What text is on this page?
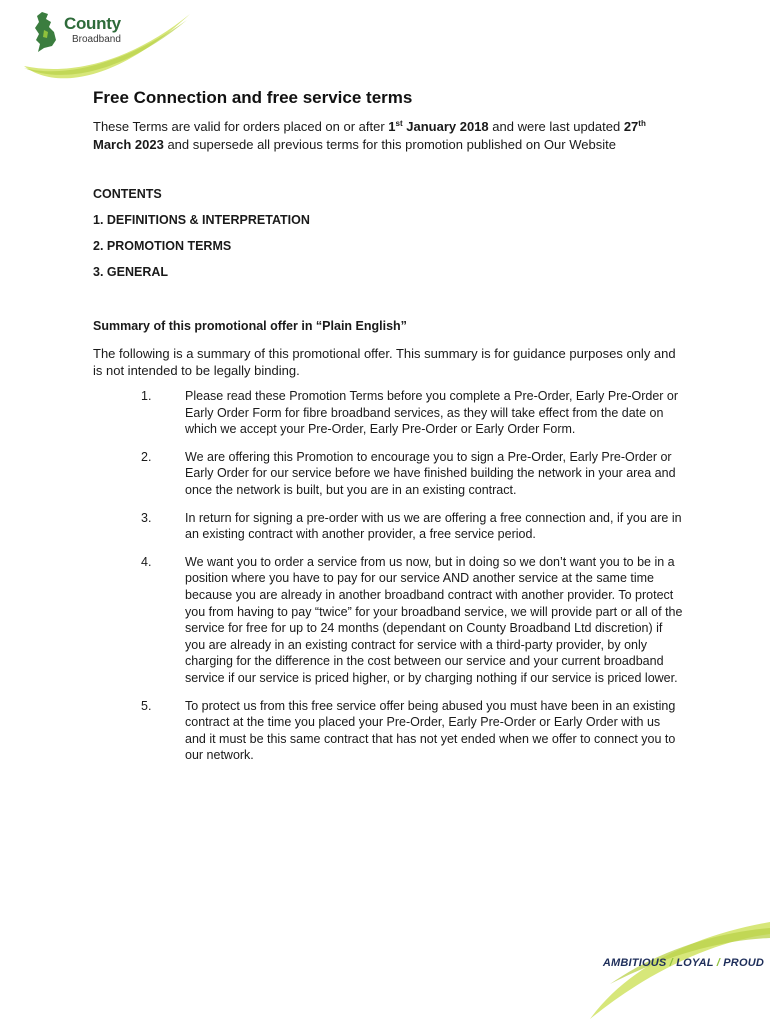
County
Broadband
Free Connection and free service terms

These Terms are valid for orders placed on or after 1st January 2018 and were last updated 27th March 2023 and supersede all previous terms for this promotion published on Our Website

CONTENTS
1. DEFINITIONS & INTERPRETATION
2. PROMOTION TERMS
3. GENERAL
Summary of this promotional offer in “Plain English”

The following is a summary of this promotional offer. This summary is for guidance purposes only and is not intended to be legally binding.

1.	Please read these Promotion Terms before you complete a Pre-Order, Early Pre-Order or Early Order Form for fibre broadband services, as they will take effect from the date on which we accept your Pre-Order, Early Pre-Order or Early Order Form.
2.	We are offering this Promotion to encourage you to sign a Pre-Order, Early Pre-Order or Early Order for our service before we have finished building the network in your area and once the network is built, but you are in an existing contract.
3.	In return for signing a pre-order with us we are offering a free connection and, if you are in an existing contract with another provider, a free service period.
4.	We want you to order a service from us now, but in doing so we don’t want you to be in a position where you have to pay for our service AND another service at the same time because you are already in another broadband contract with another provider. To protect you from having to pay “twice” for your broadband service, we will provide part or all of the service for free for up to 24 months (dependant on County Broadband Ltd discretion) if you are already in an existing contract for service with a third-party provider, by only charging for the difference in the cost between our service and your current broadband service if our service is priced higher, or by charging nothing if our service is priced lower.
5.	To protect us from this free service offer being abused you must have been in an existing contract at the time you placed your Pre-Order, Early Pre-Order or Early Order with us and it must be this same contract that has not yet ended when we offer to connect you to our network.
AMBITIOUS / LOYAL / PROUD
